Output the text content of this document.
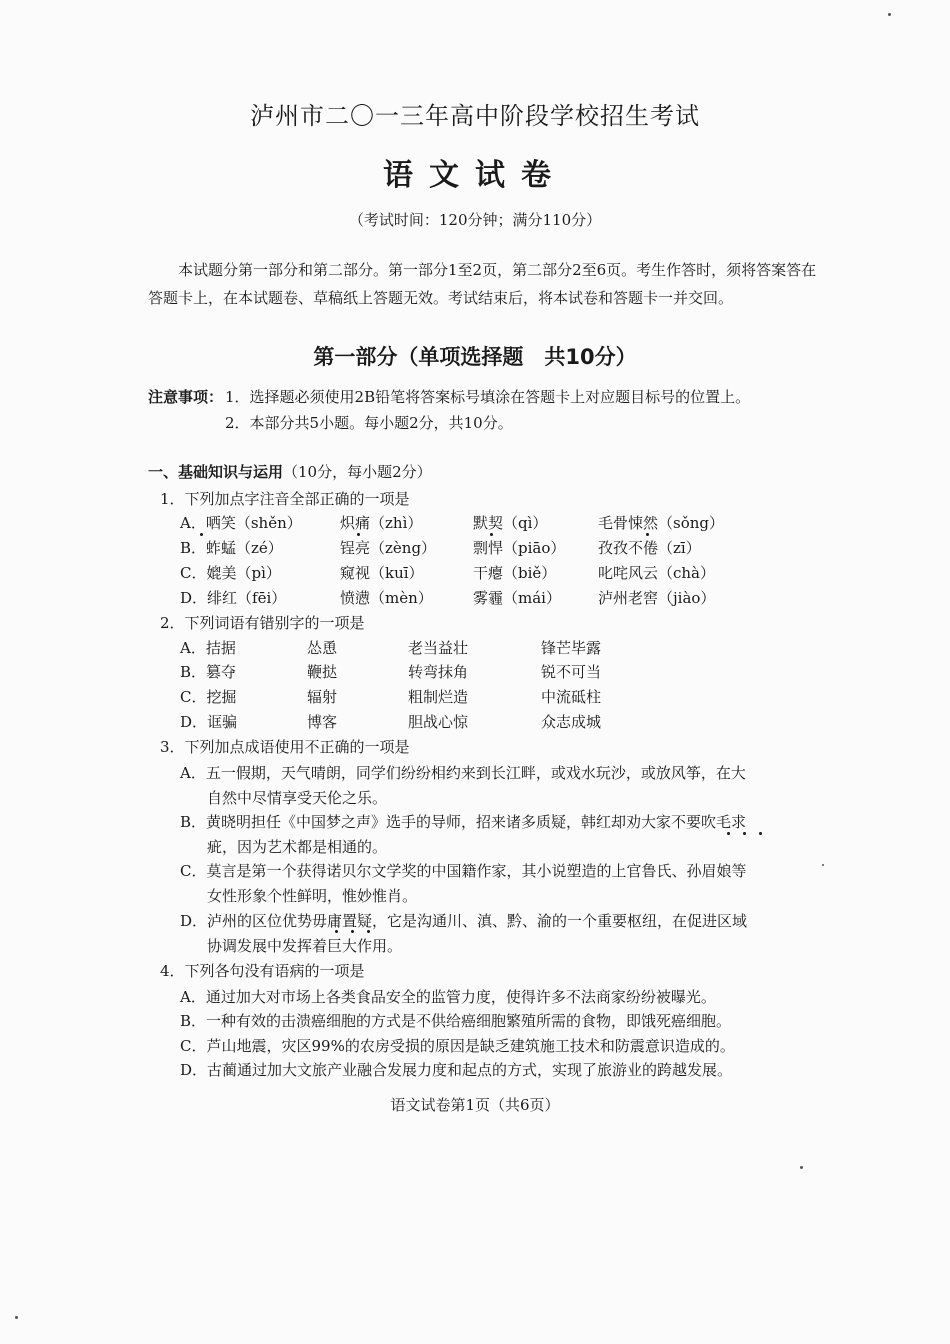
泸州市二〇一三年高中阶段学校招生考试
语文试卷
（考试时间：120分钟；满分110分）
本试题分第一部分和第二部分。第一部分1至2页，第二部分2至6页。考生作答时，须将答案答在答题卡上，在本试题卷、草稿纸上答题无效。考试结束后，将本试卷和答题卡一并交回。
第一部分（单项选择题　共10分）
注意事项： 1．选择题必须使用2B铅笔将答案标号填涂在答题卡上对应题目标号的位置上。
2．本部分共5小题。每小题2分，共10分。
一、基础知识与运用（10分，每小题2分）
1．下列加点字注音全部正确的一项是
A．哂笑（shěn）	炽痛（zhì）	默契（qì）	毛骨悚然（sǒng）
B．蚱蜢（zé）	锃亮（zèng） 剽悍（piāo） 孜孜不倦（zī）
C．媲美（pì）	窥视（kuī）	干瘪（biě）	叱咤风云（chà）
D．绯红（fēi）	愤懑（mèn）	雾霾（mái） 泸州老窖（jiào）
2．下列词语有错别字的一项是
A．拮据	怂恿	老当益壮	锋芒毕露
B．篡夺	鞭挞	转弯抹角	锐不可当
C．挖掘	辐射	粗制烂造	中流砥柱
D．诓骗	博客	胆战心惊	众志成城
3．下列加点成语使用不正确的一项是
A．五一假期，天气晴朗，同学们纷纷相约来到长江畔，或戏水玩沙，或放风筝，在大
自然中尽情享受天伦之乐。
B．黄晓明担任《中国梦之声》选手的导师，招来诸多质疑，韩红却劝大家不要吹毛求
疵，因为艺术都是相通的。
C．莫言是第一个获得诺贝尔文学奖的中国籍作家，其小说塑造的上官鲁氏、孙眉娘等
女性形象个性鲜明，惟妙惟肖。
D．泸州的区位优势毋庸置疑，它是沟通川、滇、黔、渝的一个重要枢纽，在促进区域
协调发展中发挥着巨大作用。
4．下列各句没有语病的一项是
A．通过加大对市场上各类食品安全的监管力度，使得许多不法商家纷纷被曝光。
B．一种有效的击溃癌细胞的方式是不供给癌细胞繁殖所需的食物，即饿死癌细胞。
C．芦山地震，灾区99%的农房受损的原因是缺乏建筑施工技术和防震意识造成的。
D．古蔺通过加大文旅产业融合发展力度和起点的方式，实现了旅游业的跨越发展。
语文试卷第1页（共6页）
